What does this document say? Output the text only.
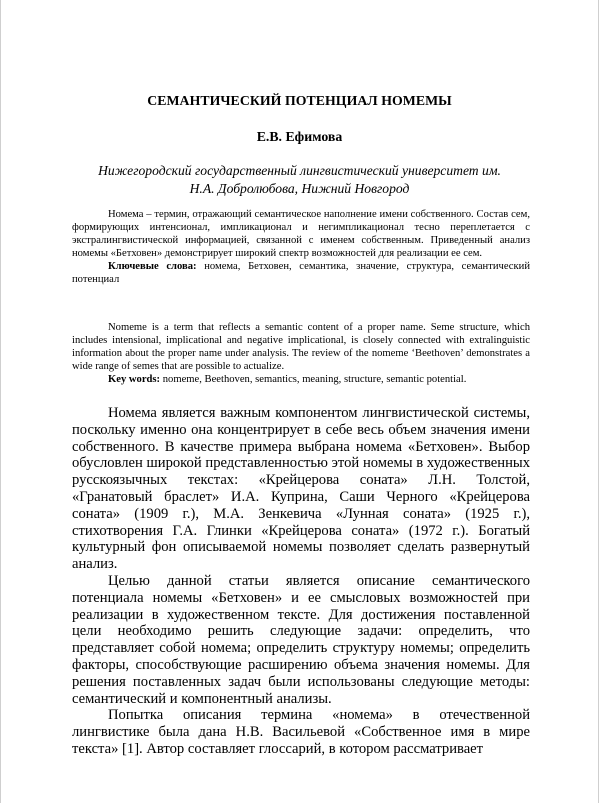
СЕМАНТИЧЕСКИЙ ПОТЕНЦИАЛ НОМЕМЫ
Е.В. Ефимова
Нижегородский государственный лингвистический университет им.
Н.А. Добролюбова, Нижний Новгород

Номема – термин, отражающий семантическое наполнение имени собственного. Состав сем, формирующих интенсионал, импликационал и негимпликационал тесно переплетается с экстралингвистической информацией, связанной с именем собственным. Приведенный анализ номемы «Бетховен» демонстрирует широкий спектр возможностей для реализации ее сем.

Ключевые слова: номема, Бетховен, семантика, значение, структура, семантический потенциал

Nomeme is a term that reflects a semantic content of a proper name. Seme structure, which includes intensional, implicational and negative implicational, is closely connected with extralinguistic information about the proper name under analysis. The review of the nomeme ‘Beethoven’ demonstrates a wide range of semes that are possible to actualize.

Key words: nomeme, Beethoven, semantics, meaning, structure, semantic potential.

Номема является важным компонентом лингвистической системы, поскольку именно она концентрирует в себе весь объем значения имени собственного. В качестве примера выбрана номема «Бетховен». Выбор обусловлен широкой представленностью этой номемы в художественных русскоязычных текстах: «Крейцерова соната» Л.Н. Толстой, «Гранатовый браслет» И.А. Куприна, Саши Черного «Крейцерова соната» (1909 г.), М.А. Зенкевича «Лунная соната» (1925 г.), стихотворения Г.А. Глинки «Крейцерова соната» (1972 г.). Богатый культурный фон описываемой номемы позволяет сделать развернутый анализ.

Целью данной статьи является описание семантического потенциала номемы «Бетховен» и ее смысловых возможностей при реализации в художественном тексте. Для достижения поставленной цели необходимо решить следующие задачи: определить, что представляет собой номема; определить структуру номемы; определить факторы, способствующие расширению объема значения номемы. Для решения поставленных задач были использованы следующие методы: семантический и компонентный анализы.

Попытка описания термина «номема» в отечественной лингвистике была дана Н.В. Васильевой «Собственное имя в мире текста» [1]. Автор составляет глоссарий, в котором рассматривает
